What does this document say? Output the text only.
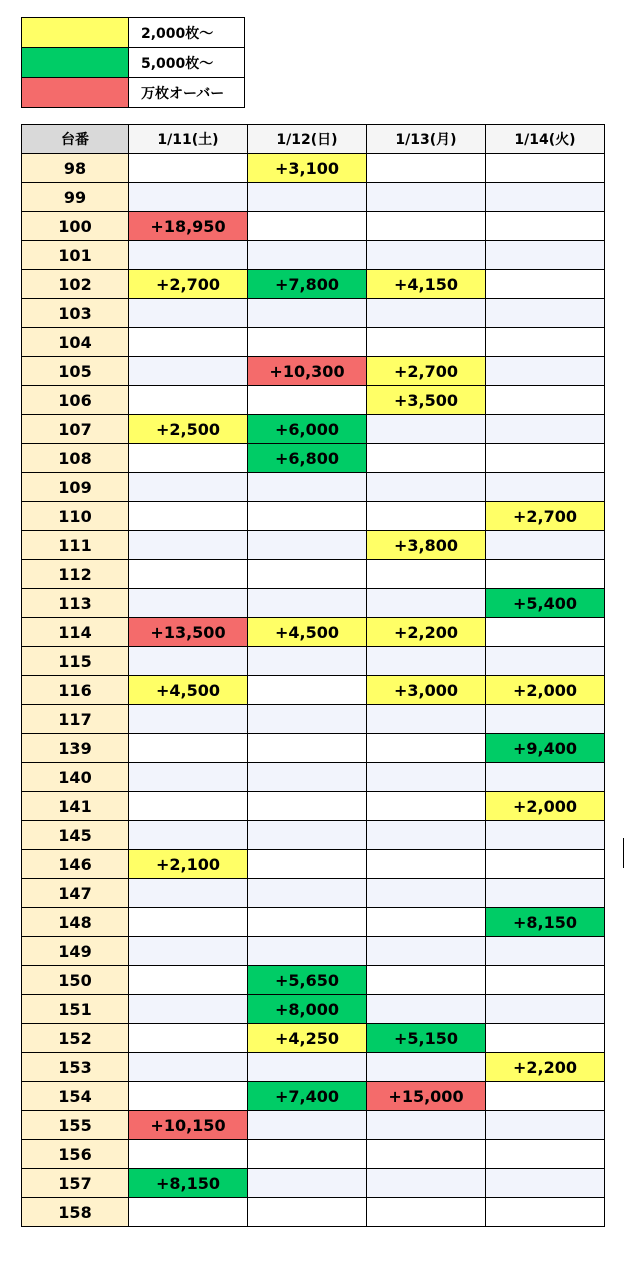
	2,000枚～
	5,000枚～
	万枚オーバー
台番	1/11(土)	1/12(日)	1/13(月)	1/14(火)
98		+3,100		
99				
100	+18,950			
101				
102	+2,700	+7,800	+4,150	
103				
104				
105		+10,300	+2,700	
106			+3,500	
107	+2,500	+6,000		
108		+6,800		
109				
110				+2,700
111			+3,800	
112				
113				+5,400
114	+13,500	+4,500	+2,200	
115				
116	+4,500		+3,000	+2,000
117				
139				+9,400
140				
141				+2,000
145				
146	+2,100			
147				
148				+8,150
149				
150		+5,650		
151		+8,000		
152		+4,250	+5,150	
153				+2,200
154		+7,400	+15,000	
155	+10,150			
156				
157	+8,150			
158				
